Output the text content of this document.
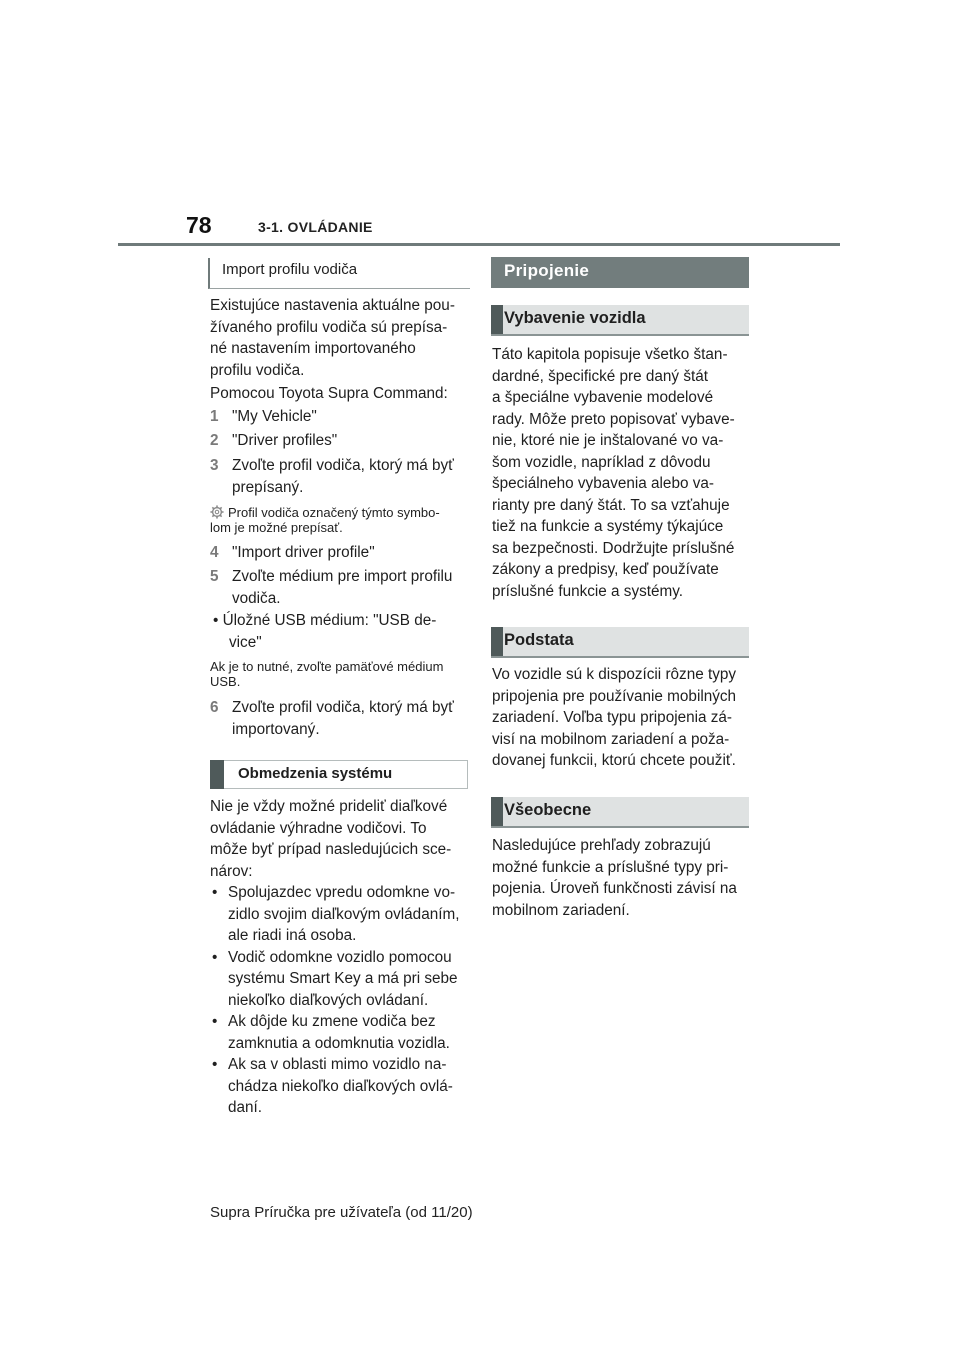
78	3-1. OVLÁDANIE
Import profilu vodiča
Existujúce nastavenia aktuálne pou-
žívaného profilu vodiča sú prepísa-
né nastavením importovaného
profilu vodiča.
Pomocou Toyota Supra Command:
1 "My Vehicle"
2 "Driver profiles"
3 Zvoľte profil vodiča, ktorý má byť
prepísaný.
Profil vodiča označený týmto symbo-
lom je možné prepísať.
4 "Import driver profile"
5 Zvoľte médium pre import profilu
vodiča.
• Úložné USB médium: "USB de-
vice"
Ak je to nutné, zvoľte pamäťové médium
USB.
6 Zvoľte profil vodiča, ktorý má byť
importovaný.
Obmedzenia systému
Nie je vždy možné prideliť diaľkové
ovládanie výhradne vodičovi. To
môže byť prípad nasledujúcich sce-
nárov:
• Spolujazdec vpredu odomkne vo-
zidlo svojim diaľkovým ovládaním,
ale riadi iná osoba.
• Vodič odomkne vozidlo pomocou
systému Smart Key a má pri sebe
niekoľko diaľkových ovládaní.
• Ak dôjde ku zmene vodiča bez
zamknutia a odomknutia vozidla.
• Ak sa v oblasti mimo vozidlo na-
chádza niekoľko diaľkových ovlá-
daní.
Pripojenie
Vybavenie vozidla
Táto kapitola popisuje všetko štan-
dardné, špecifické pre daný štát
a špeciálne vybavenie modelové
rady. Môže preto popisovať vybave-
nie, ktoré nie je inštalované vo va-
šom vozidle, napríklad z dôvodu
špeciálneho vybavenia alebo va-
rianty pre daný štát. To sa vzťahuje
tiež na funkcie a systémy týkajúce
sa bezpečnosti. Dodržujte príslušné
zákony a predpisy, keď používate
príslušné funkcie a systémy.
Podstata
Vo vozidle sú k dispozícii rôzne typy
pripojenia pre používanie mobilných
zariadení. Voľba typu pripojenia zá-
visí na mobilnom zariadení a poža-
dovanej funkcii, ktorú chcete použiť.
Všeobecne
Nasledujúce prehľady zobrazujú
možné funkcie a príslušné typy pri-
pojenia. Úroveň funkčnosti závisí na
mobilnom zariadení.
Supra Príručka pre užívateľa (od 11/20)
